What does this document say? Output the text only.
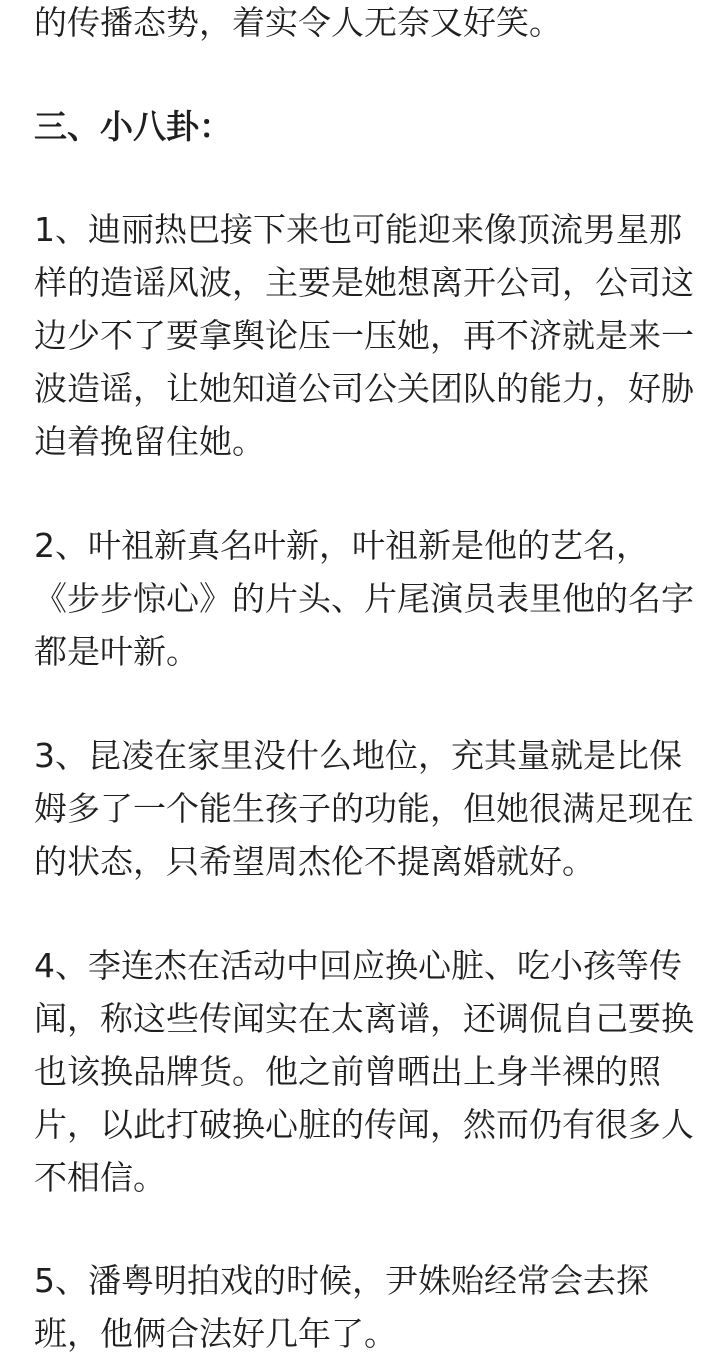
的传播态势，着实令人无奈又好笑。

三、小八卦：

1、迪丽热巴接下来也可能迎来像顶流男星那样的造谣风波，主要是她想离开公司，公司这边少不了要拿舆论压一压她，再不济就是来一波造谣，让她知道公司公关团队的能力，好胁迫着挽留住她。

2、叶祖新真名叶新，叶祖新是他的艺名，《步步惊心》的片头、片尾演员表里他的名字都是叶新。

3、昆凌在家里没什么地位，充其量就是比保姆多了一个能生孩子的功能，但她很满足现在的状态，只希望周杰伦不提离婚就好。

4、李连杰在活动中回应换心脏、吃小孩等传闻，称这些传闻实在太离谱，还调侃自己要换也该换品牌货。他之前曾晒出上身半裸的照片，以此打破换心脏的传闻，然而仍有很多人不相信。

5、潘粤明拍戏的时候，尹姝贻经常会去探班，他俩合法好几年了。
